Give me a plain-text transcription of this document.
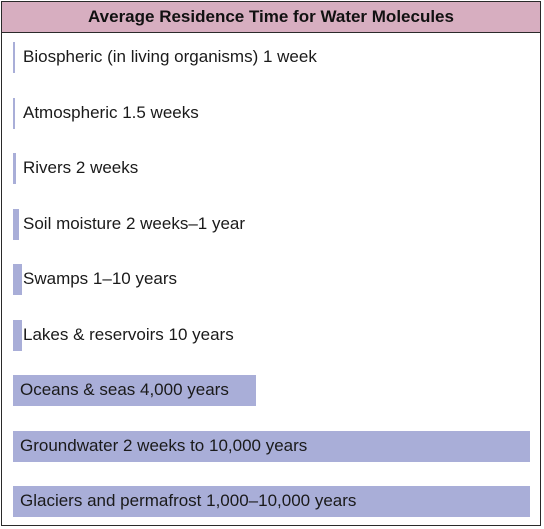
Average Residence Time for Water Molecules
Biospheric (in living organisms) 1 week
Atmospheric 1.5 weeks
Rivers 2 weeks
Soil moisture 2 weeks–1 year
Swamps 1–10 years
Lakes & reservoirs 10 years
Oceans & seas 4,000 years
Groundwater 2 weeks to 10,000 years
Glaciers and permafrost 1,000–10,000 years
